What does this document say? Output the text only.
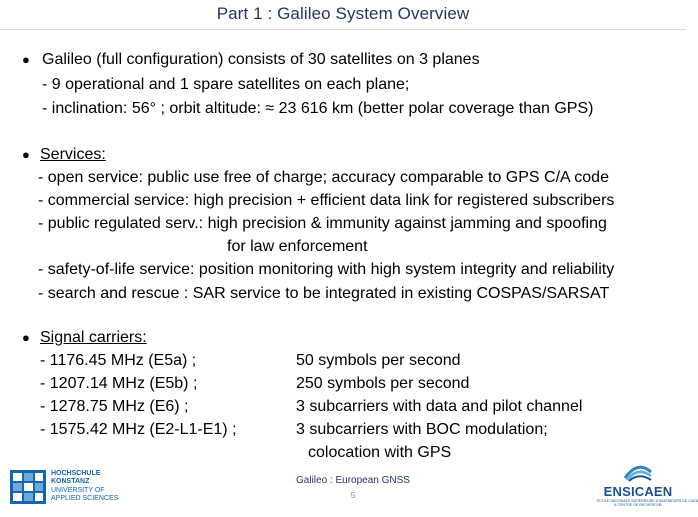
Part 1 : Galileo System Overview
● Galileo (full configuration) consists of 30 satellites on 3 planes
- 9 operational and 1 spare satellites on each plane;
- inclination: 56° ; orbit altitude: ≈ 23 616 km (better polar coverage than GPS)
● Services:
- open service: public use free of charge; accuracy comparable to GPS C/A code
- commercial service: high precision + efficient data link for registered subscribers
- public regulated serv.: high precision & immunity against jamming and spoofing
for law enforcement
- safety-of-life service: position monitoring with high system integrity and reliability
- search and rescue : SAR service to be integrated in existing COSPAS/SARSAT
● Signal carriers:
- 1176.45 MHz (E5a) ;	50 symbols per second
- 1207.14 MHz (E5b) ;	250 symbols per second
- 1278.75 MHz (E6) ;	3 subcarriers with data and pilot channel
- 1575.42 MHz (E2-L1-E1) ;	3 subcarriers with BOC modulation;
colocation with GPS
Galileo : European GNSS
5
HOCHSCHULE
KONSTANZ
UNIVERSITY OF
APPLIED SCIENCES	ENSICAEN
ÉCOLE NATIONALE SUPÉRIEURE D'INGÉNIEURS DE CAEN
& CENTRE DE RECHERCHE
